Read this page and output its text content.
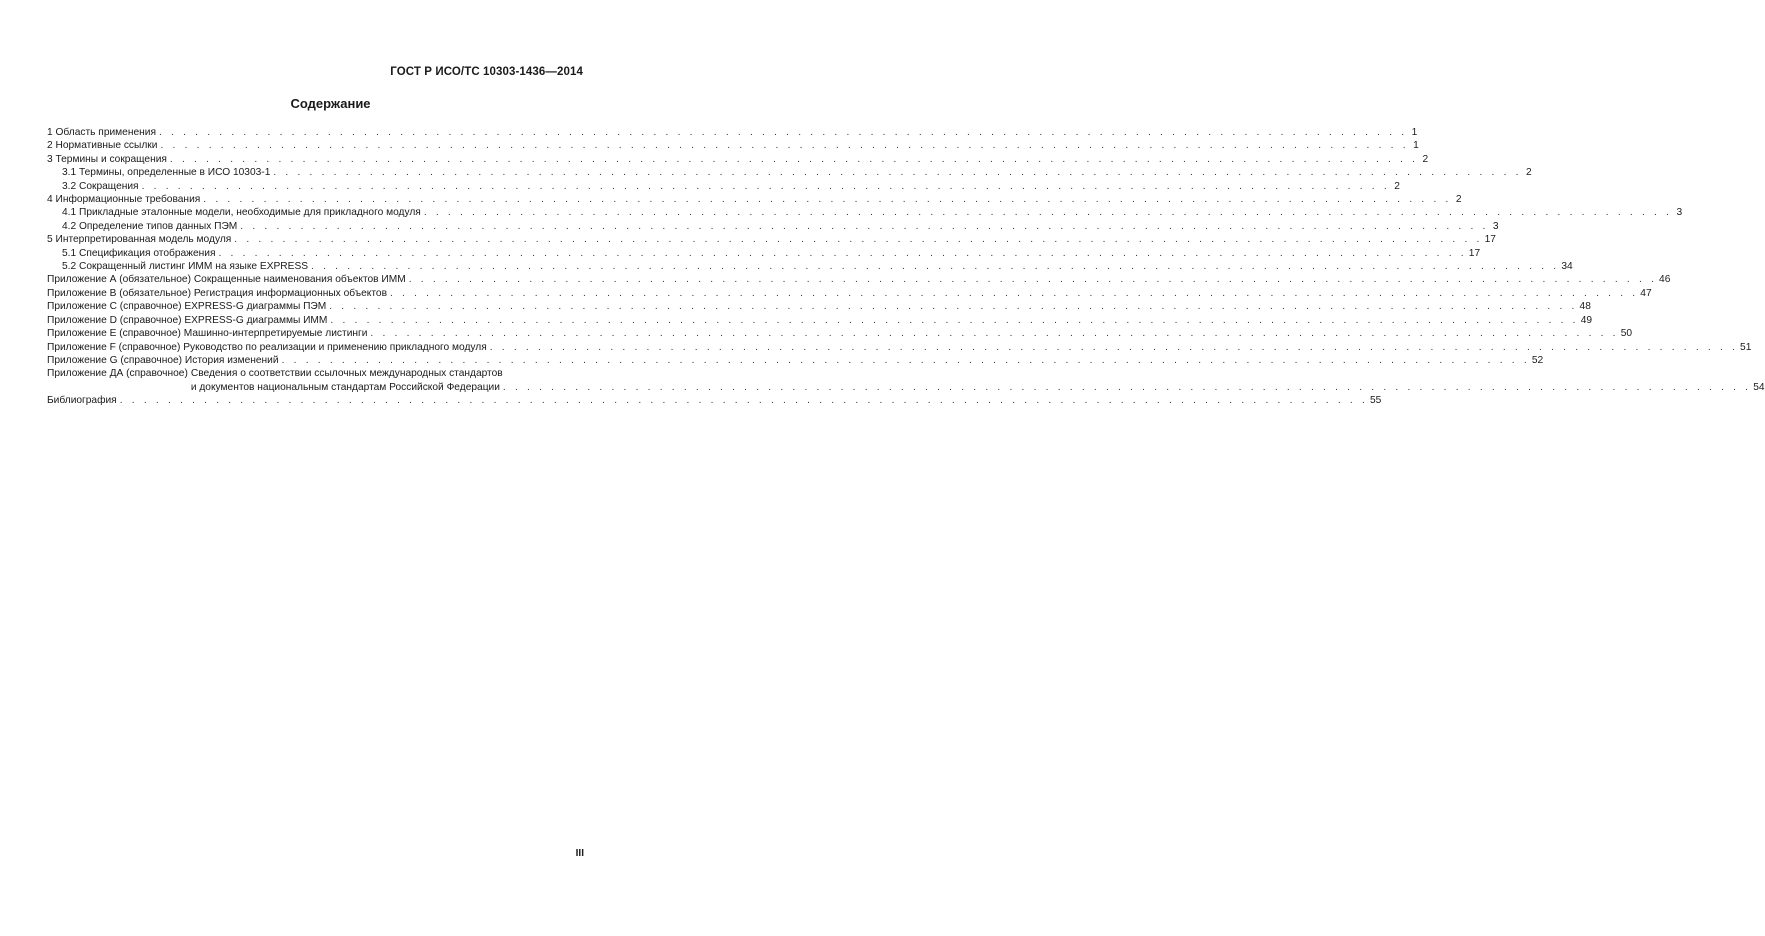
ГОСТ Р ИСО/ТС 10303-1436—2014
Содержание
1 Область применения . . .	1
2 Нормативные ссылки . . .	1
3 Термины и сокращения . . .	2
3.1 Термины, определенные в ИСО 10303-1 . . .	2
3.2 Сокращения . . .	2
4 Информационные требования . . .	2
4.1 Прикладные эталонные модели, необходимые для прикладного модуля . . .	3
4.2 Определение типов данных ПЭМ . . .	3
5 Интерпретированная модель модуля . . .	17
5.1 Спецификация отображения . . .	17
5.2 Сокращенный листинг ИММ на языке EXPRESS . . .	34
Приложение А (обязательное) Сокращенные наименования объектов ИММ . . .	46
Приложение В (обязательное) Регистрация информационных объектов . . .	47
Приложение С (справочное) EXPRESS-G диаграммы ПЭМ . . .	48
Приложение D (справочное) EXPRESS-G диаграммы ИММ . . .	49
Приложение Е (справочное) Машинно-интерпретируемые листинги . . .	50
Приложение F (справочное) Руководство по реализации и применению прикладного модуля . . .	51
Приложение G (справочное) История изменений . . .	52
Приложение ДА (справочное) Сведения о соответствии ссылочных международных стандартов
и документов национальным стандартам Российской Федерации . . .	54
Библиография . . .	55
III
